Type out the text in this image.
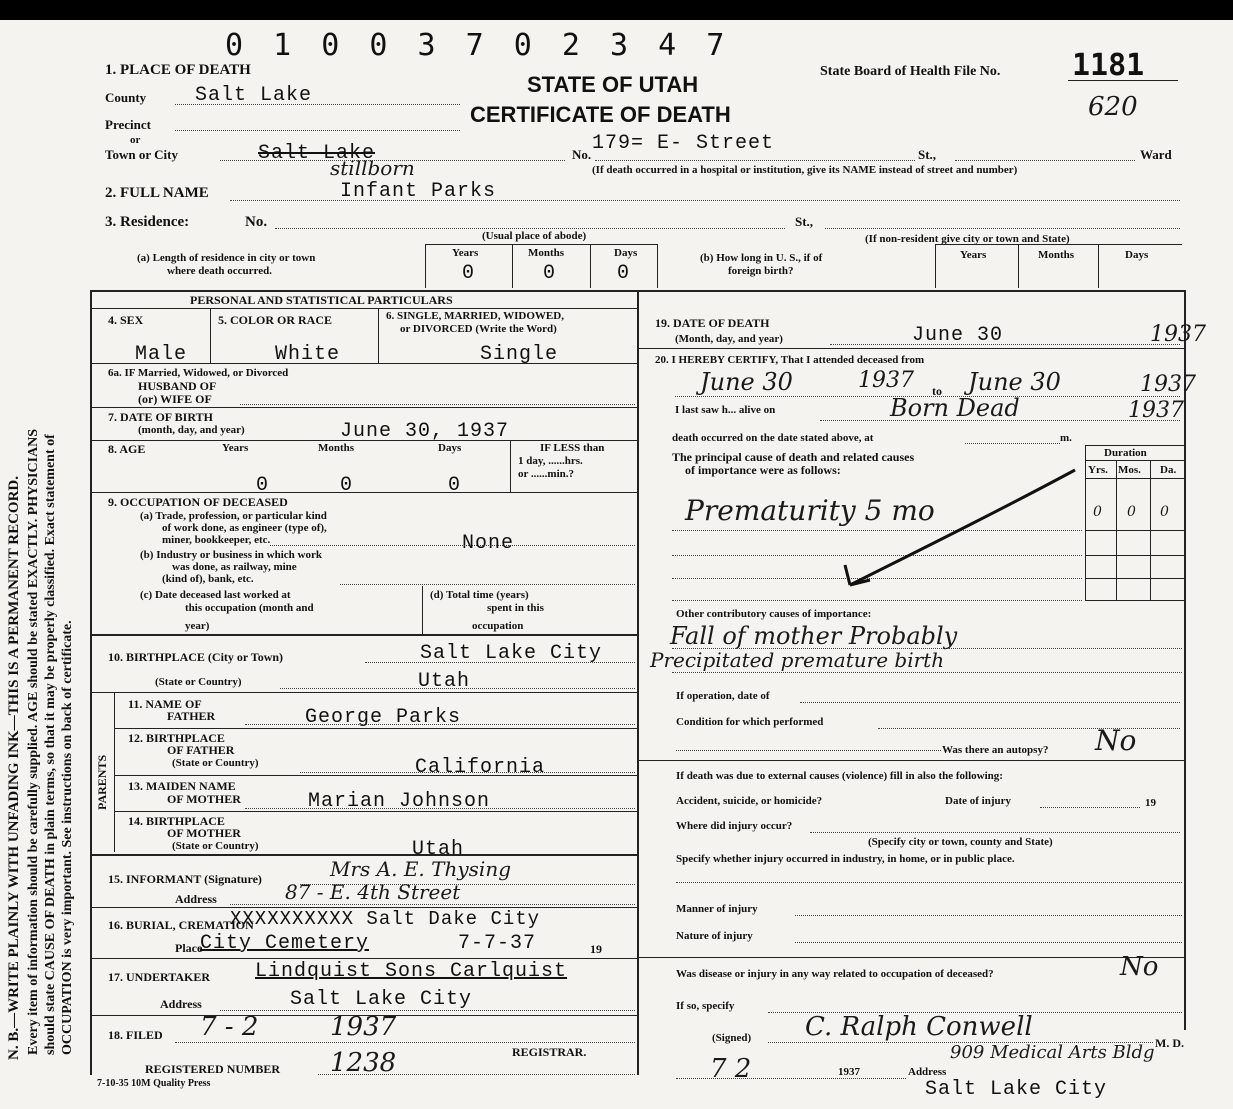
0 1 0 0 3 7 0 2 3 4 7
N. B.—WRITE PLAINLY WITH UNFADING INK—THIS IS A PERMANENT RECORD. Every item of information should be carefully supplied. AGE should be stated EXACTLY. PHYSICIANS should state CAUSE OF DEATH in plain terms, so that it may be properly classified. Exact statement of OCCUPATION is very important. See instructions on back of certificate.
1. PLACE OF DEATH
STATE OF UTAH
CERTIFICATE OF DEATH
State Board of Health File No. 1181
620
County Salt Lake
Precinct
or
Town or City	Salt Lake	No. 179= E- Street	St.,	Ward
(If death occurred in a hospital or institution, give its NAME instead of street and number)
stillborn
2. FULL NAME	Infant Parks
3. Residence:	No.	St.,
(Usual place of abode)	(If non-resident give city or town and State)
(a) Length of residence in city or town
where death occurred.
Years	Months	Days
0	0	0
(b) How long in U. S., if of
foreign birth?
Years	Months	Days
PERSONAL AND STATISTICAL PARTICULARS
4. SEX	5. COLOR OR RACE	6. SINGLE, MARRIED, WIDOWED,
or DIVORCED (Write the Word)
Male	White	Single
6a. IF Married, Widowed, or Divorced
HUSBAND OF
(or) WIFE OF
7. DATE OF BIRTH
(month, day, and year)	June 30, 1937
8. AGE	Years	Months	Days	IF LESS than
1 day, ......hrs.
or ......min.?
0	0	0
9. OCCUPATION OF DECEASED
(a) Trade, profession, or particular kind
of work done, as engineer (type of),
miner, bookkeeper, etc.	None
(b) Industry or business in which work
was done, as railway, mine
(kind of), bank, etc.
(c) Date deceased last worked at
this occupation (month and
year)
(d) Total time (years)
spent in this
occupation
10. BIRTHPLACE (City or Town)	Salt Lake City
(State or Country)	Utah
PARENTS
11. NAME OF
FATHER	George Parks
12. BIRTHPLACE
OF FATHER
(State or Country)	California
13. MAIDEN NAME
OF MOTHER	Marian Johnson
14. BIRTHPLACE
OF MOTHER
(State or Country)	Utah
15. INFORMANT (Signature)	Mrs A. E. Thysing
Address	87 - E. 4th Street
16. BURIAL, CREMATION
XXXXXXXXXX Salt Dake City
Place
City Cemetery	7-7-37	19
17. UNDERTAKER Lindquist Sons Carlquist
Address	Salt Lake City
18. FILED 7 - 2	1937
REGISTRAR.
REGISTERED NUMBER 1238
7-10-35 10M Quality Press
19. DATE OF DEATH
(Month, day, and year)	June 30	1937
20. I HEREBY CERTIFY, That I attended deceased from
June 30	1937 to June 30	1937
I last saw h... alive on	Born Dead	1937
death occurred on the date stated above, at	m.
The principal cause of death and related causes
of importance were as follows:
Duration
Yrs. Mos. Da.
0 0 0
Prematurity 5 mo
Other contributory causes of importance:
Fall of mother Probably
Precipitated premature birth
If operation, date of
Condition for which performed
Was there an autopsy? No
If death was due to external causes (violence) fill in also the following:
Accident, suicide, or homicide?	Date of injury	19
Where did injury occur?
(Specify city or town, county and State)
Specify whether injury occurred in industry, in home, or in public place.
Manner of injury
Nature of injury
Was disease or injury in any way related to occupation of deceased?	No
If so, specify
(Signed) C. Ralph Conwell
M. D.
7 2	1937	Address
909 Medical Arts Bldg
Salt Lake City
